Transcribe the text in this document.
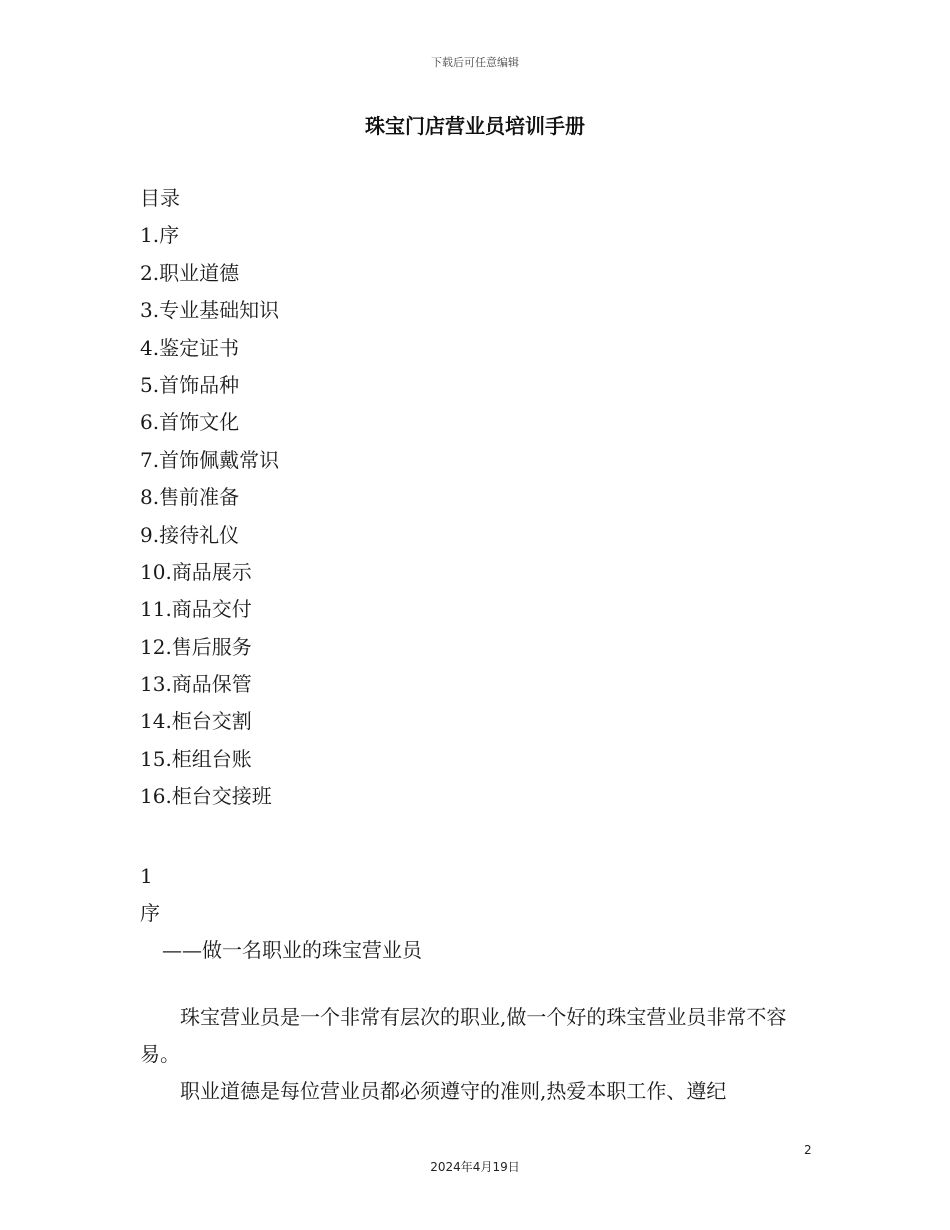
下载后可任意编辑
珠宝门店营业员培训手册
目录
1.序
2.职业道德
3.专业基础知识
4.鉴定证书
5.首饰品种
6.首饰文化
7.首饰佩戴常识
8.售前准备
9.接待礼仪
10.商品展示
11.商品交付
12.售后服务
13.商品保管
14.柜台交割
15.柜组台账
16.柜台交接班
1
序
——做一名职业的珠宝营业员

珠宝营业员是一个非常有层次的职业,做一个好的珠宝营业员非常不容易。

职业道德是每位营业员都必须遵守的准则,热爱本职工作、遵纪

2
2024年4月19日
